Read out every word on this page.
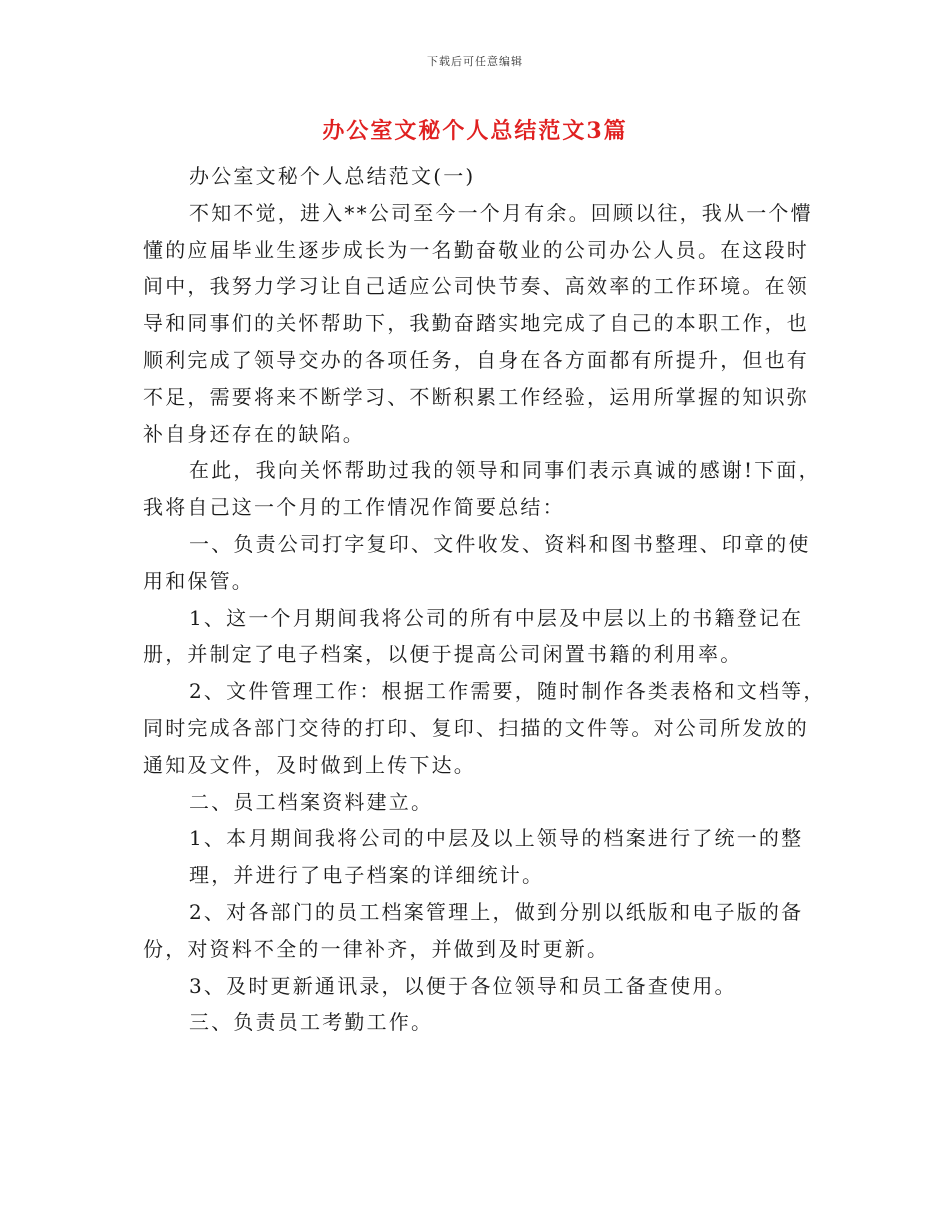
下载后可任意编辑
办公室文秘个人总结范文3篇

办公室文秘个人总结范文(一)

不知不觉，进入**公司至今一个月有余。回顾以往，我从一个懵懂的应届毕业生逐步成长为一名勤奋敬业的公司办公人员。在这段时间中，我努力学习让自己适应公司快节奏、高效率的工作环境。在领导和同事们的关怀帮助下，我勤奋踏实地完成了自己的本职工作，也顺利完成了领导交办的各项任务，自身在各方面都有所提升，但也有不足，需要将来不断学习、不断积累工作经验，运用所掌握的知识弥补自身还存在的缺陷。

在此，我向关怀帮助过我的领导和同事们表示真诚的感谢!下面，我将自己这一个月的工作情况作简要总结：

一、负责公司打字复印、文件收发、资料和图书整理、印章的使用和保管。

1、这一个月期间我将公司的所有中层及中层以上的书籍登记在册，并制定了电子档案，以便于提高公司闲置书籍的利用率。

2、文件管理工作：根据工作需要，随时制作各类表格和文档等，同时完成各部门交待的打印、复印、扫描的文件等。对公司所发放的通知及文件，及时做到上传下达。

二、员工档案资料建立。

1、本月期间我将公司的中层及以上领导的档案进行了统一的整理，并进行了电子档案的详细统计。

2、对各部门的员工档案管理上，做到分别以纸版和电子版的备份，对资料不全的一律补齐，并做到及时更新。

3、及时更新通讯录，以便于各位领导和员工备查使用。

三、负责员工考勤工作。
